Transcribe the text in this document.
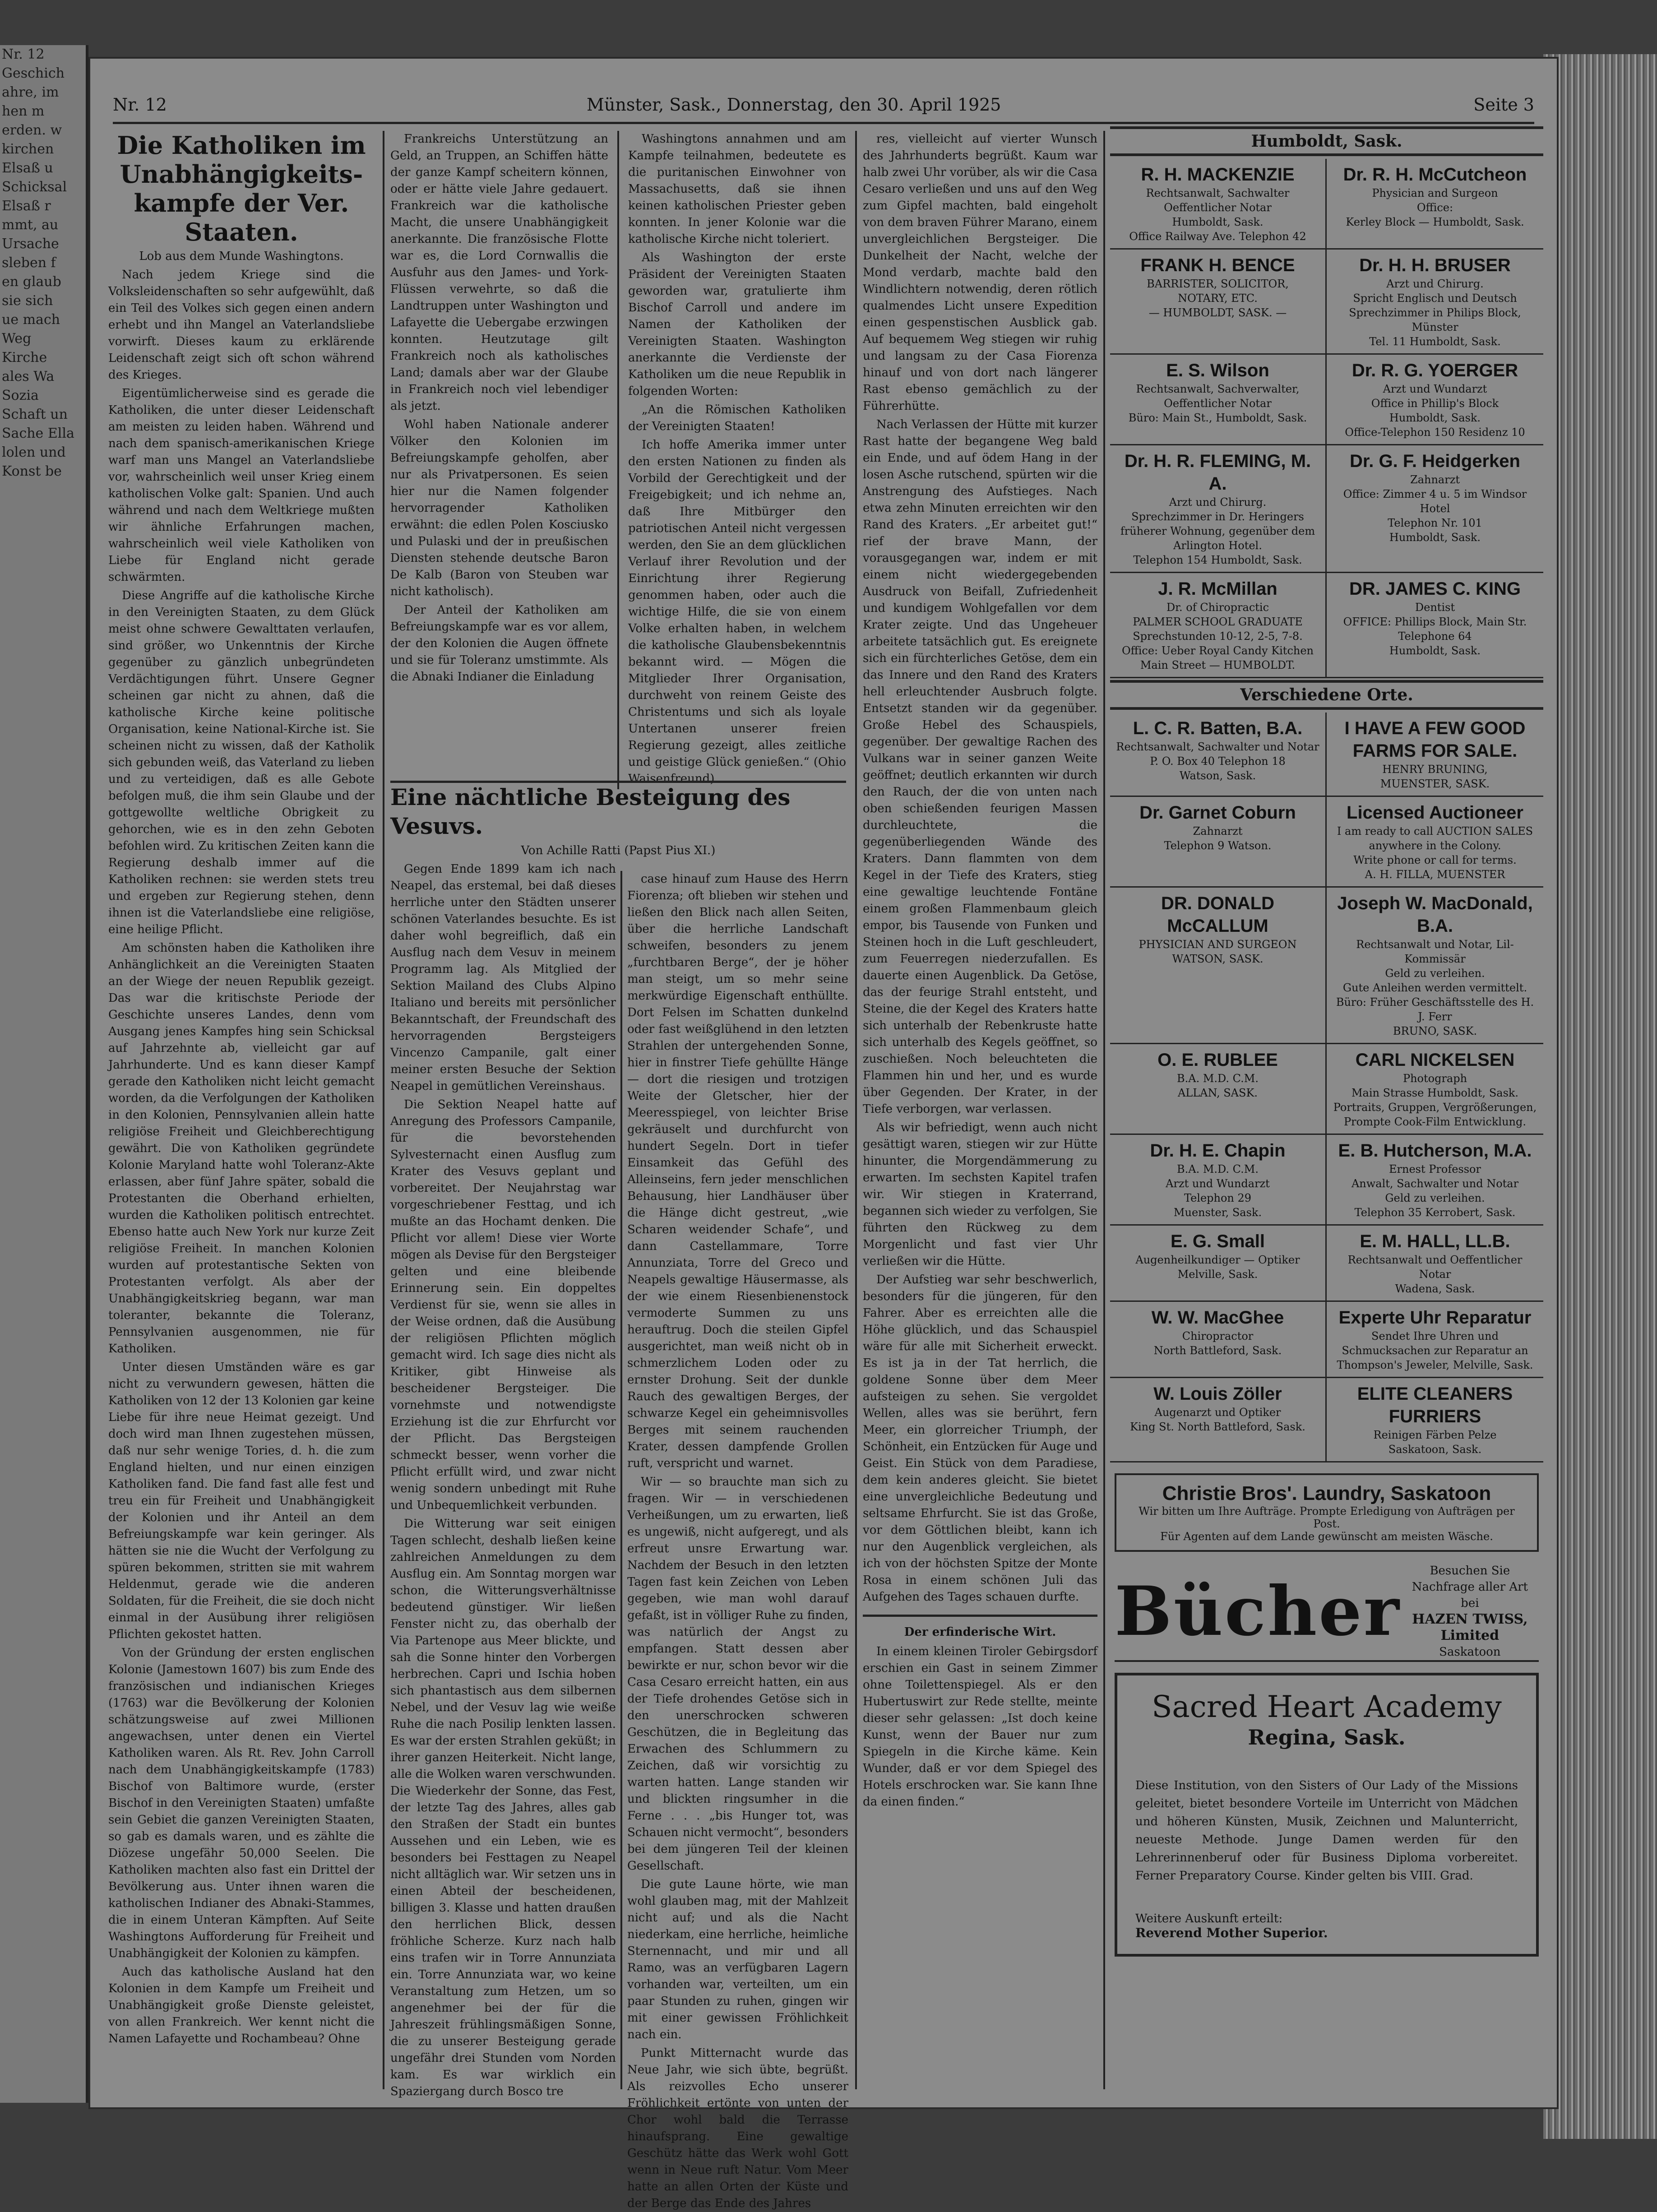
Nr. 12
Geschich
ahre, im
hen m
erden. w
kirchen
Elsaß u
Schicksal
Elsaß r
mmt, au
Ursache
sleben f
en glaub
sie sich
ue mach
Weg
Kirche
ales Wa
Sozia
Schaft un
Sache Ella
lolen und
Konst be
Nr. 12	Münster, Sask., Donnerstag, den 30. April 1925	Seite 3

Die Katholiken im Unabhängigkeits-kampfe der Ver. Staaten.

Lob aus dem Munde Washingtons.

Nach jedem Kriege sind die Volksleidenschaften so sehr aufgewühlt, daß ein Teil des Volkes sich gegen einen andern erhebt und ihn Mangel an Vaterlandsliebe vorwirft. Dieses kaum zu erklärende Leidenschaft zeigt sich oft schon während des Krieges.

Eigentümlicherweise sind es gerade die Katholiken, die unter dieser Leidenschaft am meisten zu leiden haben. Während und nach dem spanisch-amerikanischen Kriege warf man uns Mangel an Vaterlandsliebe vor, wahrscheinlich weil unser Krieg einem katholischen Volke galt: Spanien. Und auch während und nach dem Weltkriege mußten wir ähnliche Erfahrungen machen, wahrscheinlich weil viele Katholiken von Liebe für England nicht gerade schwärmten.

Diese Angriffe auf die katholische Kirche in den Vereinigten Staaten, zu dem Glück meist ohne schwere Gewalttaten verlaufen, sind größer, wo Unkenntnis der Kirche gegenüber zu gänzlich unbegründeten Verdächtigungen führt. Unsere Gegner scheinen gar nicht zu ahnen, daß die katholische Kirche keine politische Organisation, keine National-Kirche ist. Sie scheinen nicht zu wissen, daß der Katholik sich gebunden weiß, das Vaterland zu lieben und zu verteidigen, daß es alle Gebote befolgen muß, die ihm sein Glaube und der gottgewollte weltliche Obrigkeit zu gehorchen, wie es in den zehn Geboten befohlen wird. Zu kritischen Zeiten kann die Regierung deshalb immer auf die Katholiken rechnen: sie werden stets treu und ergeben zur Regierung stehen, denn ihnen ist die Vaterlandsliebe eine religiöse, eine heilige Pflicht.

Am schönsten haben die Katholiken ihre Anhänglichkeit an die Vereinigten Staaten an der Wiege der neuen Republik gezeigt. Das war die kritischste Periode der Geschichte unseres Landes, denn vom Ausgang jenes Kampfes hing sein Schicksal auf Jahrzehnte ab, vielleicht gar auf Jahrhunderte. Und es kann dieser Kampf gerade den Katholiken nicht leicht gemacht worden, da die Verfolgungen der Katholiken in den Kolonien, Pennsylvanien allein hatte religiöse Freiheit und Gleichberechtigung gewährt. Die von Katholiken gegründete Kolonie Maryland hatte wohl Toleranz-Akte erlassen, aber fünf Jahre später, sobald die Protestanten die Oberhand erhielten, wurden die Katholiken politisch entrechtet. Ebenso hatte auch New York nur kurze Zeit religiöse Freiheit. In manchen Kolonien wurden auf protestantische Sekten von Protestanten verfolgt. Als aber der Unabhängigkeitskrieg begann, war man toleranter, bekannte die Toleranz, Pennsylvanien ausgenommen, nie für Katholiken.

Unter diesen Umständen wäre es gar nicht zu verwundern gewesen, hätten die Katholiken von 12 der 13 Kolonien gar keine Liebe für ihre neue Heimat gezeigt. Und doch wird man Ihnen zugestehen müssen, daß nur sehr wenige Tories, d. h. die zum England hielten, und nur einen einzigen Katholiken fand. Die fand fast alle fest und treu ein für Freiheit und Unabhängigkeit der Kolonien und ihr Anteil an dem Befreiungskampfe war kein geringer. Als hätten sie nie die Wucht der Verfolgung zu spüren bekommen, stritten sie mit wahrem Heldenmut, gerade wie die anderen Soldaten, für die Freiheit, die sie doch nicht einmal in der Ausübung ihrer religiösen Pflichten gekostet hatten.

Von der Gründung der ersten englischen Kolonie (Jamestown 1607) bis zum Ende des französischen und indianischen Krieges (1763) war die Bevölkerung der Kolonien schätzungsweise auf zwei Millionen angewachsen, unter denen ein Viertel Katholiken waren. Als Rt. Rev. John Carroll nach dem Unabhängigkeitskampfe (1783) Bischof von Baltimore wurde, (erster Bischof in den Vereinigten Staaten) umfaßte sein Gebiet die ganzen Vereinigten Staaten, so gab es damals waren, und es zählte die Diözese ungefähr 50,000 Seelen. Die Katholiken machten also fast ein Drittel der Bevölkerung aus. Unter ihnen waren die katholischen Indianer des Abnaki-Stammes, die in einem Unteran Kämpften. Auf Seite Washingtons Aufforderung für Freiheit und Unabhängigkeit der Kolonien zu kämpfen.

Auch das katholische Ausland hat den Kolonien in dem Kampfe um Freiheit und Unabhängigkeit große Dienste geleistet, von allen Frankreich. Wer kennt nicht die Namen Lafayette und Rochambeau? Ohne

Frankreichs Unterstützung an Geld, an Truppen, an Schiffen hätte der ganze Kampf scheitern können, oder er hätte viele Jahre gedauert. Frankreich war die katholische Macht, die unsere Unabhängigkeit anerkannte. Die französische Flotte war es, die Lord Cornwallis die Ausfuhr aus den James- und York-Flüssen verwehrte, so daß die Landtruppen unter Washington und Lafayette die Uebergabe erzwingen konnten. Heutzutage gilt Frankreich noch als katholisches Land; damals aber war der Glaube in Frankreich noch viel lebendiger als jetzt.

Wohl haben Nationale anderer Völker den Kolonien im Befreiungskampfe geholfen, aber nur als Privatpersonen. Es seien hier nur die Namen folgender hervorragender Katholiken erwähnt: die edlen Polen Kosciusko und Pulaski und der in preußischen Diensten stehende deutsche Baron De Kalb (Baron von Steuben war nicht katholisch).

Der Anteil der Katholiken am Befreiungskampfe war es vor allem, der den Kolonien die Augen öffnete und sie für Toleranz umstimmte. Als die Abnaki Indianer die Einladung

Washingtons annahmen und am Kampfe teilnahmen, bedeutete es die puritanischen Einwohner von Massachusetts, daß sie ihnen keinen katholischen Priester geben konnten. In jener Kolonie war die katholische Kirche nicht toleriert.

Als Washington der erste Präsident der Vereinigten Staaten geworden war, gratulierte ihm Bischof Carroll und andere im Namen der Katholiken der Vereinigten Staaten. Washington anerkannte die Verdienste der Katholiken um die neue Republik in folgenden Worten:

„An die Römischen Katholiken der Vereinigten Staaten!

Ich hoffe Amerika immer unter den ersten Nationen zu finden als Vorbild der Gerechtigkeit und der Freigebigkeit; und ich nehme an, daß Ihre Mitbürger den patriotischen Anteil nicht vergessen werden, den Sie an dem glücklichen Verlauf ihrer Revolution und der Einrichtung ihrer Regierung genommen haben, oder auch die wichtige Hilfe, die sie von einem Volke erhalten haben, in welchem die katholische Glaubensbekenntnis bekannt wird. — Mögen die Mitglieder Ihrer Organisation, durchweht von reinem Geiste des Christentums und sich als loyale Untertanen unserer freien Regierung gezeigt, alles zeitliche und geistige Glück genießen.“ (Ohio Waisenfreund)

Eine nächtliche Besteigung des Vesuvs.

Von Achille Ratti (Papst Pius XI.)

Gegen Ende 1899 kam ich nach Neapel, das erstemal, bei daß dieses herrliche unter den Städten unserer schönen Vaterlandes besuchte. Es ist daher wohl begreiflich, daß ein Ausflug nach dem Vesuv in meinem Programm lag. Als Mitglied der Sektion Mailand des Clubs Alpino Italiano und bereits mit persönlicher Bekanntschaft, der Freundschaft des hervorragenden Bergsteigers Vincenzo Campanile, galt einer meiner ersten Besuche der Sektion Neapel in gemütlichen Vereinshaus.

Die Sektion Neapel hatte auf Anregung des Professors Campanile, für die bevorstehenden Sylvesternacht einen Ausflug zum Krater des Vesuvs geplant und vorbereitet. Der Neujahrstag war vorgeschriebener Festtag, und ich mußte an das Hochamt denken. Die Pflicht vor allem! Diese vier Worte mögen als Devise für den Bergsteiger gelten und eine bleibende Erinnerung sein. Ein doppeltes Verdienst für sie, wenn sie alles in der Weise ordnen, daß die Ausübung der religiösen Pflichten möglich gemacht wird. Ich sage dies nicht als Kritiker, gibt Hinweise als bescheidener Bergsteiger. Die vornehmste und notwendigste Erziehung ist die zur Ehrfurcht vor der Pflicht. Das Bergsteigen schmeckt besser, wenn vorher die Pflicht erfüllt wird, und zwar nicht wenig sondern unbedingt mit Ruhe und Unbequemlichkeit verbunden.

Die Witterung war seit einigen Tagen schlecht, deshalb ließen keine zahlreichen Anmeldungen zu dem Ausflug ein. Am Sonntag morgen war schon, die Witterungsverhältnisse bedeutend günstiger. Wir ließen Fenster nicht zu, das oberhalb der Via Partenope aus Meer blickte, und sah die Sonne hinter den Vorbergen herbrechen. Capri und Ischia hoben sich phantastisch aus dem silbernen Nebel, und der Vesuv lag wie weiße Ruhe die nach Posilip lenkten lassen. Es war der ersten Strahlen geküßt; in ihrer ganzen Heiterkeit. Nicht lange, alle die Wolken waren verschwunden. Die Wiederkehr der Sonne, das Fest, der letzte Tag des Jahres, alles gab den Straßen der Stadt ein buntes Aussehen und ein Leben, wie es besonders bei Festtagen zu Neapel nicht alltäglich war. Wir setzen uns in einen Abteil der bescheidenen, billigen 3. Klasse und hatten draußen den herrlichen Blick, dessen fröhliche Scherze. Kurz nach halb eins trafen wir in Torre Annunziata ein. Torre Annunziata war, wo keine Veranstaltung zum Hetzen, um so angenehmer bei der für die Jahreszeit frühlingsmäßigen Sonne, die zu unserer Besteigung gerade ungefähr drei Stunden vom Norden kam. Es war wirklich ein Spaziergang durch Bosco tre

case hinauf zum Hause des Herrn Fiorenza; oft blieben wir stehen und ließen den Blick nach allen Seiten, über die herrliche Landschaft schweifen, besonders zu jenem „furchtbaren Berge“, der je höher man steigt, um so mehr seine merkwürdige Eigenschaft enthüllte. Dort Felsen im Schatten dunkelnd oder fast weißglühend in den letzten Strahlen der untergehenden Sonne, hier in finstrer Tiefe gehüllte Hänge — dort die riesigen und trotzigen Weite der Gletscher, hier der Meeresspiegel, von leichter Brise gekräuselt und durchfurcht von hundert Segeln. Dort in tiefer Einsamkeit das Gefühl des Alleinseins, fern jeder menschlichen Behausung, hier Landhäuser über die Hänge dicht gestreut, „wie Scharen weidender Schafe“, und dann Castellammare, Torre Annunziata, Torre del Greco und Neapels gewaltige Häusermasse, als der wie einem Riesenbienenstock vermoderte Summen zu uns herauftrug. Doch die steilen Gipfel ausgerichtet, man weiß nicht ob in schmerzlichem Loden oder zu ernster Drohung. Seit der dunkle Rauch des gewaltigen Berges, der schwarze Kegel ein geheimnisvolles Berges mit seinem rauchenden Krater, dessen dampfende Grollen ruft, verspricht und warnet.

Wir — so brauchte man sich zu fragen. Wir — in verschiedenen Verheißungen, um zu erwarten, ließ es ungewiß, nicht aufgeregt, und als erfreut unsre Erwartung war. Nachdem der Besuch in den letzten Tagen fast kein Zeichen von Leben gegeben, wie man wohl darauf gefaßt, ist in völliger Ruhe zu finden, was natürlich der Angst zu empfangen. Statt dessen aber bewirkte er nur, schon bevor wir die Casa Cesaro erreicht hatten, ein aus der Tiefe drohendes Getöse sich in den unerschrocken schweren Geschützen, die in Begleitung das Erwachen des Schlummern zu Zeichen, daß wir vorsichtig zu warten hatten. Lange standen wir und blickten ringsumher in die Ferne . . . „bis Hunger tot, was Schauen nicht vermocht“, besonders bei dem jüngeren Teil der kleinen Gesellschaft.

Die gute Laune hörte, wie man wohl glauben mag, mit der Mahlzeit nicht auf; und als die Nacht niederkam, eine herrliche, heimliche Sternennacht, und mir und all Ramo, was an verfügbaren Lagern vorhanden war, verteilten, um ein paar Stunden zu ruhen, gingen wir mit einer gewissen Fröhlichkeit nach ein.

Punkt Mitternacht wurde das Neue Jahr, wie sich übte, begrüßt. Als reizvolles Echo unserer Fröhlichkeit ertönte von unten der Chor wohl bald die Terrasse hinaufsprang. Eine gewaltige Geschütz hätte das Werk wohl Gott wenn in Neue ruft Natur. Vom Meer hatte an allen Orten der Küste und der Berge das Ende des Jahres

res, vielleicht auf vierter Wunsch des Jahrhunderts begrüßt. Kaum war halb zwei Uhr vorüber, als wir die Casa Cesaro verließen und uns auf den Weg zum Gipfel machten, bald eingeholt von dem braven Führer Marano, einem unvergleichlichen Bergsteiger. Die Dunkelheit der Nacht, welche der Mond verdarb, machte bald den Windlichtern notwendig, deren rötlich qualmendes Licht unsere Expedition einen gespenstischen Ausblick gab. Auf bequemem Weg stiegen wir ruhig und langsam zu der Casa Fiorenza hinauf und von dort nach längerer Rast ebenso gemächlich zu der Führerhütte.

Nach Verlassen der Hütte mit kurzer Rast hatte der begangene Weg bald ein Ende, und auf ödem Hang in der losen Asche rutschend, spürten wir die Anstrengung des Aufstieges. Nach etwa zehn Minuten erreichten wir den Rand des Kraters. „Er arbeitet gut!“ rief der brave Mann, der vorausgegangen war, indem er mit einem nicht wiedergegebenden Ausdruck von Beifall, Zufriedenheit und kundigem Wohlgefallen vor dem Krater zeigte. Und das Ungeheuer arbeitete tatsächlich gut. Es ereignete sich ein fürchterliches Getöse, dem ein das Innere und den Rand des Kraters hell erleuchtender Ausbruch folgte. Entsetzt standen wir da gegenüber. Große Hebel des Schauspiels, gegenüber. Der gewaltige Rachen des Vulkans war in seiner ganzen Weite geöffnet; deutlich erkannten wir durch den Rauch, der die von unten nach oben schießenden feurigen Massen durchleuchtete, die gegenüberliegenden Wände des Kraters. Dann flammten von dem Kegel in der Tiefe des Kraters, stieg eine gewaltige leuchtende Fontäne einem großen Flammenbaum gleich empor, bis Tausende von Funken und Steinen hoch in die Luft geschleudert, zum Feuerregen niederzufallen. Es dauerte einen Augenblick. Da Getöse, das der feurige Strahl entsteht, und Steine, die der Kegel des Kraters hatte sich unterhalb der Rebenkruste hatte sich unterhalb des Kegels geöffnet, so zuschießen. Noch beleuchteten die Flammen hin und her, und es wurde über Gegenden. Der Krater, in der Tiefe verborgen, war verlassen.

Als wir befriedigt, wenn auch nicht gesättigt waren, stiegen wir zur Hütte hinunter, die Morgendämmerung zu erwarten. Im sechsten Kapitel trafen wir. Wir stiegen in Kraterrand, begannen sich wieder zu verfolgen, Sie führten den Rückweg zu dem Morgenlicht und fast vier Uhr verließen wir die Hütte.

Der Aufstieg war sehr beschwerlich, besonders für die jüngeren, für den Fahrer. Aber es erreichten alle die Höhe glücklich, und das Schauspiel wäre für alle mit Sicherheit erweckt. Es ist ja in der Tat herrlich, die goldene Sonne über dem Meer aufsteigen zu sehen. Sie vergoldet Wellen, alles was sie berührt, fern Meer, ein glorreicher Triumph, der Schönheit, ein Entzücken für Auge und Geist. Ein Stück von dem Paradiese, dem kein anderes gleicht. Sie bietet eine unvergleichliche Bedeutung und seltsame Ehrfurcht. Sie ist das Große, vor dem Göttlichen bleibt, kann ich nur den Augenblick vergleichen, als ich von der höchsten Spitze der Monte Rosa in einem schönen Juli das Aufgehen des Tages schauen durfte.

Der erfinderische Wirt.

In einem kleinen Tiroler Gebirgsdorf erschien ein Gast in seinem Zimmer ohne Toilettenspiegel. Als er den Hubertuswirt zur Rede stellte, meinte dieser sehr gelassen: „Ist doch keine Kunst, wenn der Bauer nur zum Spiegeln in die Kirche käme. Kein Wunder, daß er vor dem Spiegel des Hotels erschrocken war. Sie kann Ihne da einen finden.“

Humboldt, Sask.
R. H. MACKENZIE
Rechtsanwalt, Sachwalter
Oeffentlicher Notar
Humboldt, Sask.
Office Railway Ave. Telephon 42
Dr. R. H. McCutcheon
Physician and Surgeon
Office:
Kerley Block — Humboldt, Sask.
FRANK H. BENCE
BARRISTER, SOLICITOR,
NOTARY, ETC.
— HUMBOLDT, SASK. —
Dr. H. H. BRUSER
Arzt und Chirurg.
Spricht Englisch und Deutsch
Sprechzimmer in Philips Block, Münster
Tel. 11 Humboldt, Sask.
E. S. Wilson
Rechtsanwalt, Sachverwalter,
Oeffentlicher Notar
Büro: Main St., Humboldt, Sask.
Dr. R. G. YOERGER
Arzt und Wundarzt
Office in Phillip's Block
Humboldt, Sask.
Office-Telephon 150 Residenz 10
Dr. H. R. FLEMING, M. A.
Arzt und Chirurg.
Sprechzimmer in Dr. Heringers
früherer Wohnung, gegenüber dem
Arlington Hotel.
Telephon 154 Humboldt, Sask.
Dr. G. F. Heidgerken
Zahnarzt
Office: Zimmer 4 u. 5 im Windsor Hotel
Telephon Nr. 101
Humboldt, Sask.
J. R. McMillan
Dr. of Chiropractic
PALMER SCHOOL GRADUATE
Sprechstunden 10-12, 2-5, 7-8. Office: Ueber Royal Candy Kitchen
Main Street — HUMBOLDT.
DR. JAMES C. KING
Dentist
OFFICE: Phillips Block, Main Str.
Telephone 64
Humboldt, Sask.
Verschiedene Orte.
L. C. R. Batten, B.A.
Rechtsanwalt, Sachwalter und Notar
P. O. Box 40 Telephon 18
Watson, Sask.
I HAVE A FEW GOOD FARMS FOR SALE.
HENRY BRUNING,
MUENSTER, SASK.
Dr. Garnet Coburn
Zahnarzt
Telephon 9 Watson.
Licensed Auctioneer
I am ready to call AUCTION SALES anywhere in the Colony.
Write phone or call for terms.
A. H. FILLA, MUENSTER
DR. DONALD McCALLUM
PHYSICIAN AND SURGEON
WATSON, SASK.
Joseph W. MacDonald, B.A.
Rechtsanwalt und Notar, Lil-Kommissär
Geld zu verleihen.
Gute Anleihen werden vermittelt.
Büro: Früher Geschäftsstelle des H. J. Ferr
BRUNO, SASK.
O. E. RUBLEE
B.A. M.D. C.M.
ALLAN, SASK.
CARL NICKELSEN
Photograph
Main Strasse Humboldt, Sask.
Portraits, Gruppen, Vergrößerungen,
Prompte Cook-Film Entwicklung.
Dr. H. E. Chapin
B.A. M.D. C.M.
Arzt und Wundarzt
Telephon 29
Muenster, Sask.
E. B. Hutcherson, M.A.
Ernest Professor
Anwalt, Sachwalter und Notar
Geld zu verleihen.
Telephon 35 Kerrobert, Sask.
E. G. Small
Augenheilkundiger — Optiker
Melville, Sask.
E. M. HALL, LL.B.
Rechtsanwalt und Oeffentlicher Notar
Wadena, Sask.
W. W. MacGhee
Chiropractor
North Battleford, Sask.
Experte Uhr Reparatur
Sendet Ihre Uhren und Schmucksachen zur Reparatur an Thompson's Jeweler, Melville, Sask.
W. Louis Zöller
Augenarzt und Optiker
King St. North Battleford, Sask.
ELITE CLEANERS FURRIERS
Reinigen Färben Pelze
Saskatoon, Sask.
Christie Bros'. Laundry, Saskatoon
Wir bitten um Ihre Aufträge. Prompte Erledigung von Aufträgen per Post.
Für Agenten auf dem Lande gewünscht am meisten Wäsche.
Bücher
Besuchen Sie Nachfrage aller Art bei
HAZEN TWISS, Limited
Saskatoon
Sacred Heart Academy
Regina, Sask.
Diese Institution, von den Sisters of Our Lady of the Missions geleitet, bietet besondere Vorteile im Unterricht von Mädchen und höheren Künsten, Musik, Zeichnen und Malunterricht, neueste Methode. Junge Damen werden für den Lehrerinnenberuf oder für Business Diploma vorbereitet. Ferner Preparatory Course. Kinder gelten bis VIII. Grad.
Weitere Auskunft erteilt:
Reverend Mother Superior.
